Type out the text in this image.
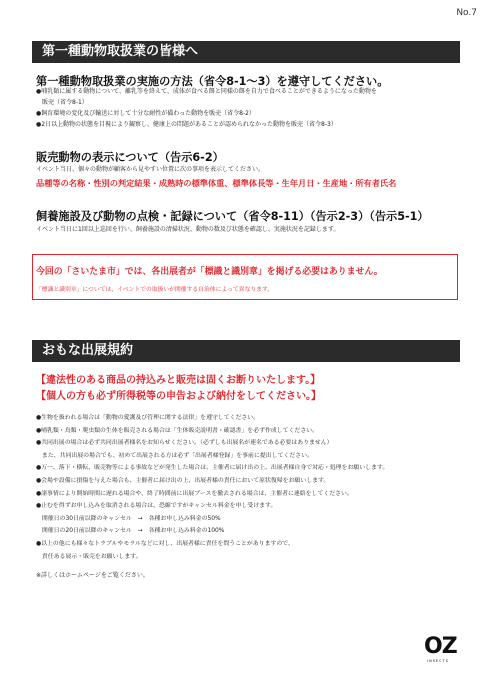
No.7
第一種動物取扱業の皆様へ
第一種動物取扱業の実施の方法（省令8-1〜3）を遵守してください。
●哺乳類に属する動物について、離乳等を終えて、成体が食べる餌と同様の餌を自力で食べることができるようになった動物を
　販売（省令8-1）
●飼育環境の変化及び輸送に対して十分な耐性が備わった動物を販売（省令8-2）
●2日以上動物の状態を目視により観察し、健康上の問題があることが認められなかった動物を販売（省令8-3）
販売動物の表示について（告示6-2）
イベント当日、個々の動物が顧客から見やすい位置に次の事項を表示してください。
品種等の名称・性別の判定結果・成熟時の標準体重、標準体長等・生年月日・生産地・所有者氏名
飼養施設及び動物の点検・記録について（省令8-11）（告示2-3）（告示5-1）
イベント当日に1回以上巡回を行い、飼養施設の清掃状況、動物の数及び状態を確認し、実施状況を記録します。
今回の「さいたま市」では、各出展者が「標識と識別章」を掲げる必要はありません。
「標識と識別章」については、イベントでの取扱いが開催する自治体によって異なります。
おもな出展規約
【違法性のある商品の持込みと販売は固くお断りいたします。】
【個人の方も必ず所得税等の申告および納付をしてください。】
●生物を扱われる場合は「動物の愛護及び管理に関する法律」を遵守してください。
●哺乳類・鳥類・爬虫類の生体を販売される場合は「生体販売説明書・確認書」を必ず作成してください。
●共同出展の場合は必ず共同出展者様名をお知らせください。（必ずしも出展名が連名である必要はありません）
　また、共同出展の場合でも、初めて出展される方は必ず「出展者様登録」を事前に提出してください。
●万一、落下・横転、販売物等による事故などが発生した場合は、主催者に届け出の上、出展者様自身で対応・処理をお願いします。
●会場や設備に損傷を与えた場合も、主催者に届け出の上、出展者様の責任において原状復帰をお願いします。
●諸事情により開始時間に遅れる場合や、終了時間前に出展ブースを撤去される場合は、主催者に連絡をしてください。
●止むを得ずお申し込みを取消される場合は、恐縮ですがキャンセル料金を申し受けます。
　開催日の30日前以降のキャンセル　→　各種お申し込み料金の50%
　開催日の20日前以降のキャンセル　→　各種お申し込み料金の100%
●以上の他にも様々なトラブルやモラルなどに対し、出展者様に責任を問うことがありますので、
　責任ある展示・販売をお願いします。
※詳しくはホームページをご覧ください。
OZ
INSECTS
